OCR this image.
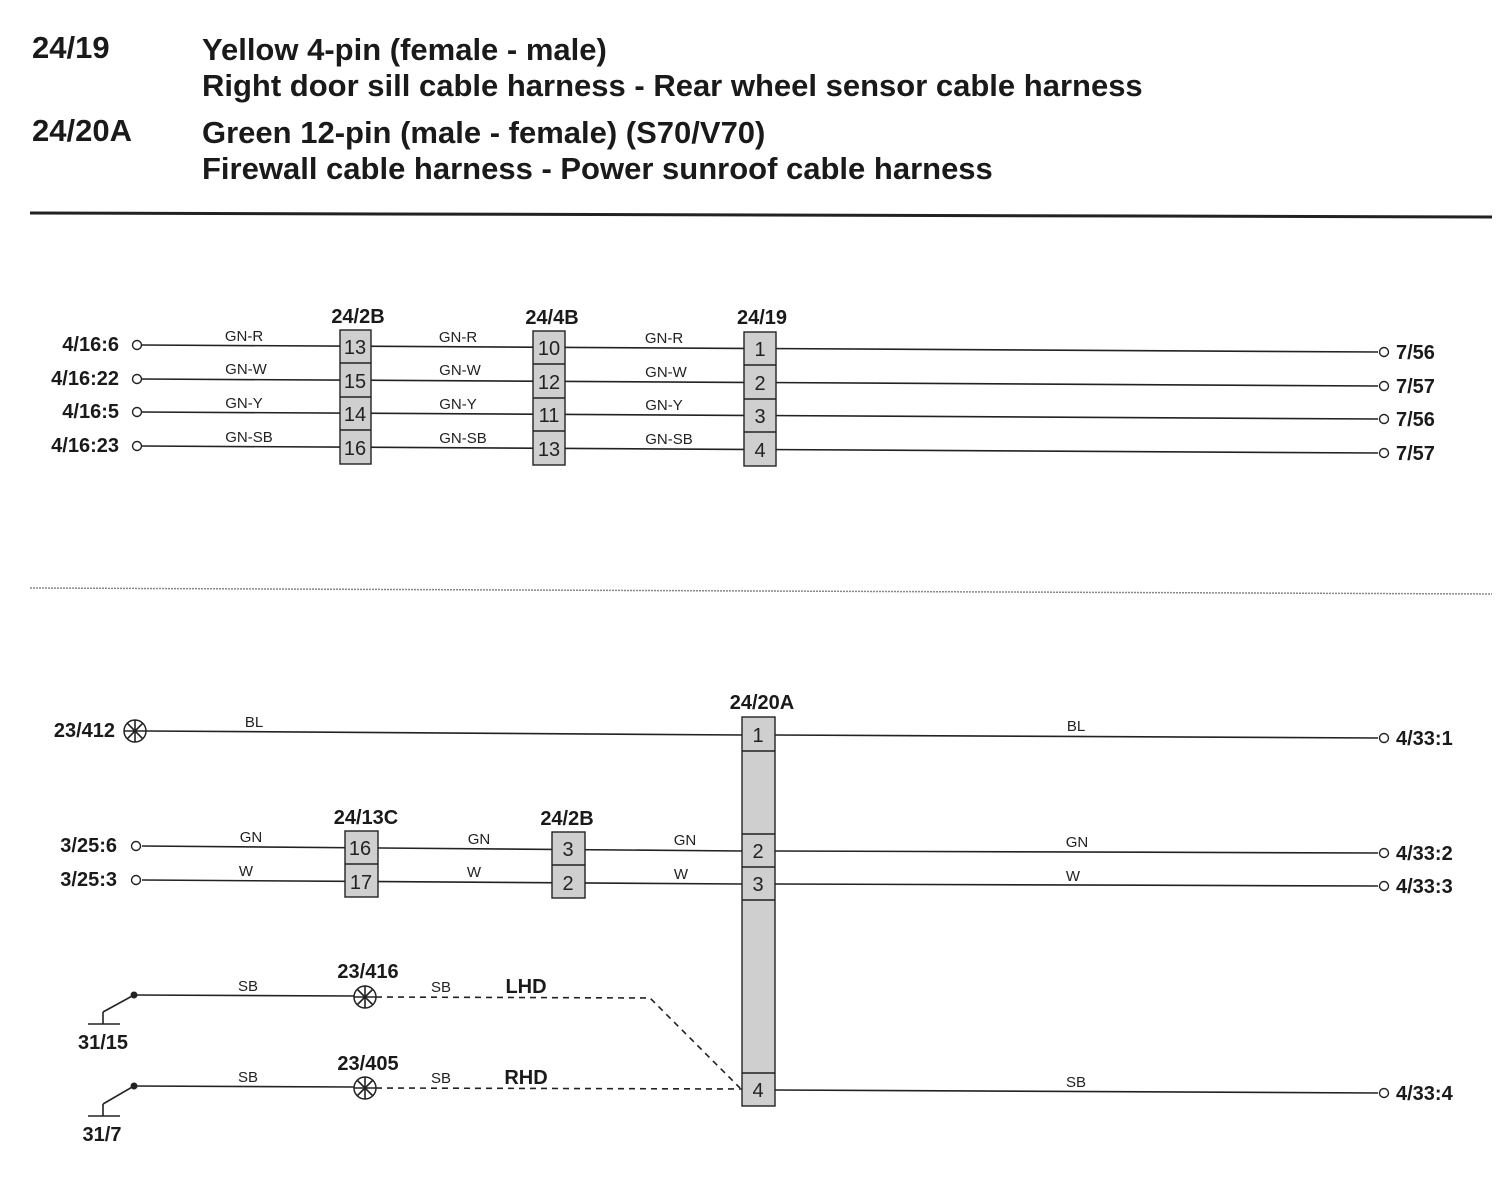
24/19	Yellow 4-pin (female - male)
Right door sill cable harness - Rear wheel sensor cable harness
24/20A Green 12-pin (male - female) (S70/V70)
Firewall cable harness - Power sunroof cable harness
24/2B	24/4B	24/19
4/16:6	GN-R	GN-R	GN-R
13	10	1	7/56
4/16:22	GN-W	GN-W	GN-W
15	12	2	7/57
4/16:5	GN-Y	GN-Y	GN-Y
14	11	3	7/56
4/16:23	GN-SB	GN-SB	GN-SB
16	13	4	7/57
24/20A
23/412	BL
1	BL
4/33:1
24/13C	24/2B
3/25:6	GN	GN	GN	GN
16	3	2	4/33:2
3/25:3	W	W	W	W
17	2	3	4/33:3
31/15
SB
23/416
SB	LHD
31/7
SB
23/405
SB	RHD
4	SB
4/33:4
